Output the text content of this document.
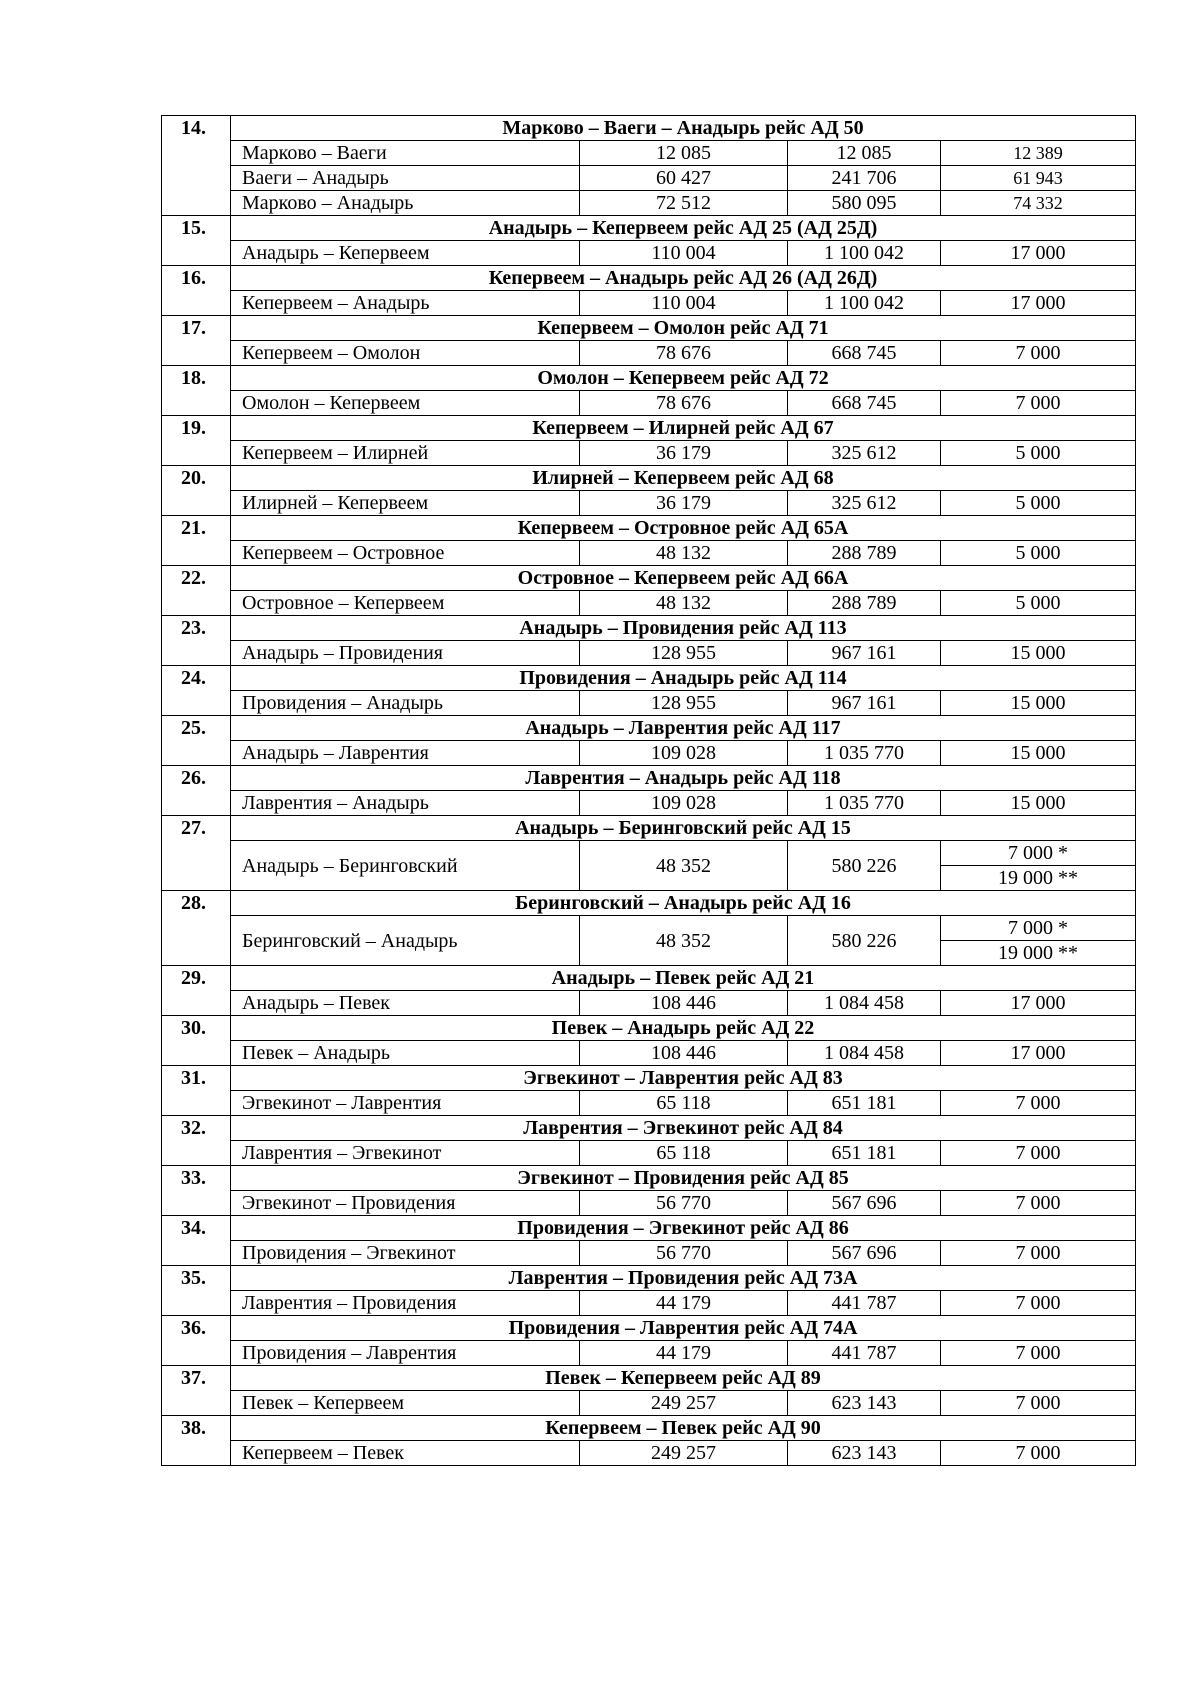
14.	Марково – Ваеги – Анадырь рейс АД 50			
	Марково – Ваеги	12 085	12 085	12 389
	Ваеги – Анадырь	60 427	241 706	61 943
	Марково – Анадырь	72 512	580 095	74 332
15.	Анадырь – Кепервеем рейс АД 25 (АД 25Д)			
	Анадырь – Кепервеем	110 004	1 100 042	17 000
16.	Кепервеем – Анадырь рейс АД 26 (АД 26Д)			
	Кепервеем – Анадырь	110 004	1 100 042	17 000
17.	Кепервеем – Омолон рейс АД 71			
	Кепервеем – Омолон	78 676	668 745	7 000
18.	Омолон – Кепервеем рейс АД 72			
	Омолон – Кепервеем	78 676	668 745	7 000
19.	Кепервеем – Илирней рейс АД 67			
	Кепервеем – Илирней	36 179	325 612	5 000
20.	Илирней – Кепервеем рейс АД 68			
	Илирней – Кепервеем	36 179	325 612	5 000
21.	Кепервеем – Островное рейс АД 65А			
	Кепервеем – Островное	48 132	288 789	5 000
22.	Островное – Кепервеем рейс АД 66А			
	Островное – Кепервеем	48 132	288 789	5 000
23.	Анадырь – Провидения рейс АД 113			
	Анадырь – Провидения	128 955	967 161	15 000
24.	Провидения – Анадырь рейс АД 114			
	Провидения – Анадырь	128 955	967 161	15 000
25.	Анадырь – Лаврентия рейс АД 117			
	Анадырь – Лаврентия	109 028	1 035 770	15 000
26.	Лаврентия – Анадырь рейс АД 118			
	Лаврентия – Анадырь	109 028	1 035 770	15 000
27.	Анадырь – Беринговский рейс АД 15			
	Анадырь – Беринговский	48 352	580 226	7 000 *
				19 000 **
28.	Беринговский – Анадырь рейс АД 16			
	Беринговский – Анадырь	48 352	580 226	7 000 *
				19 000 **
29.	Анадырь – Певек рейс АД 21			
	Анадырь – Певек	108 446	1 084 458	17 000
30.	Певек – Анадырь рейс АД 22			
	Певек – Анадырь	108 446	1 084 458	17 000
31.	Эгвекинот – Лаврентия рейс АД 83			
	Эгвекинот – Лаврентия	65 118	651 181	7 000
32.	Лаврентия – Эгвекинот рейс АД 84			
	Лаврентия – Эгвекинот	65 118	651 181	7 000
33.	Эгвекинот – Провидения рейс АД 85			
	Эгвекинот – Провидения	56 770	567 696	7 000
34.	Провидения – Эгвекинот рейс АД 86			
	Провидения – Эгвекинот	56 770	567 696	7 000
35.	Лаврентия – Провидения рейс АД 73А			
	Лаврентия – Провидения	44 179	441 787	7 000
36.	Провидения – Лаврентия рейс АД 74А			
	Провидения – Лаврентия	44 179	441 787	7 000
37.	Певек – Кепервеем рейс АД 89			
	Певек – Кепервеем	249 257	623 143	7 000
38.	Кепервеем – Певек рейс АД 90			
	Кепервеем – Певек	249 257	623 143	7 000
